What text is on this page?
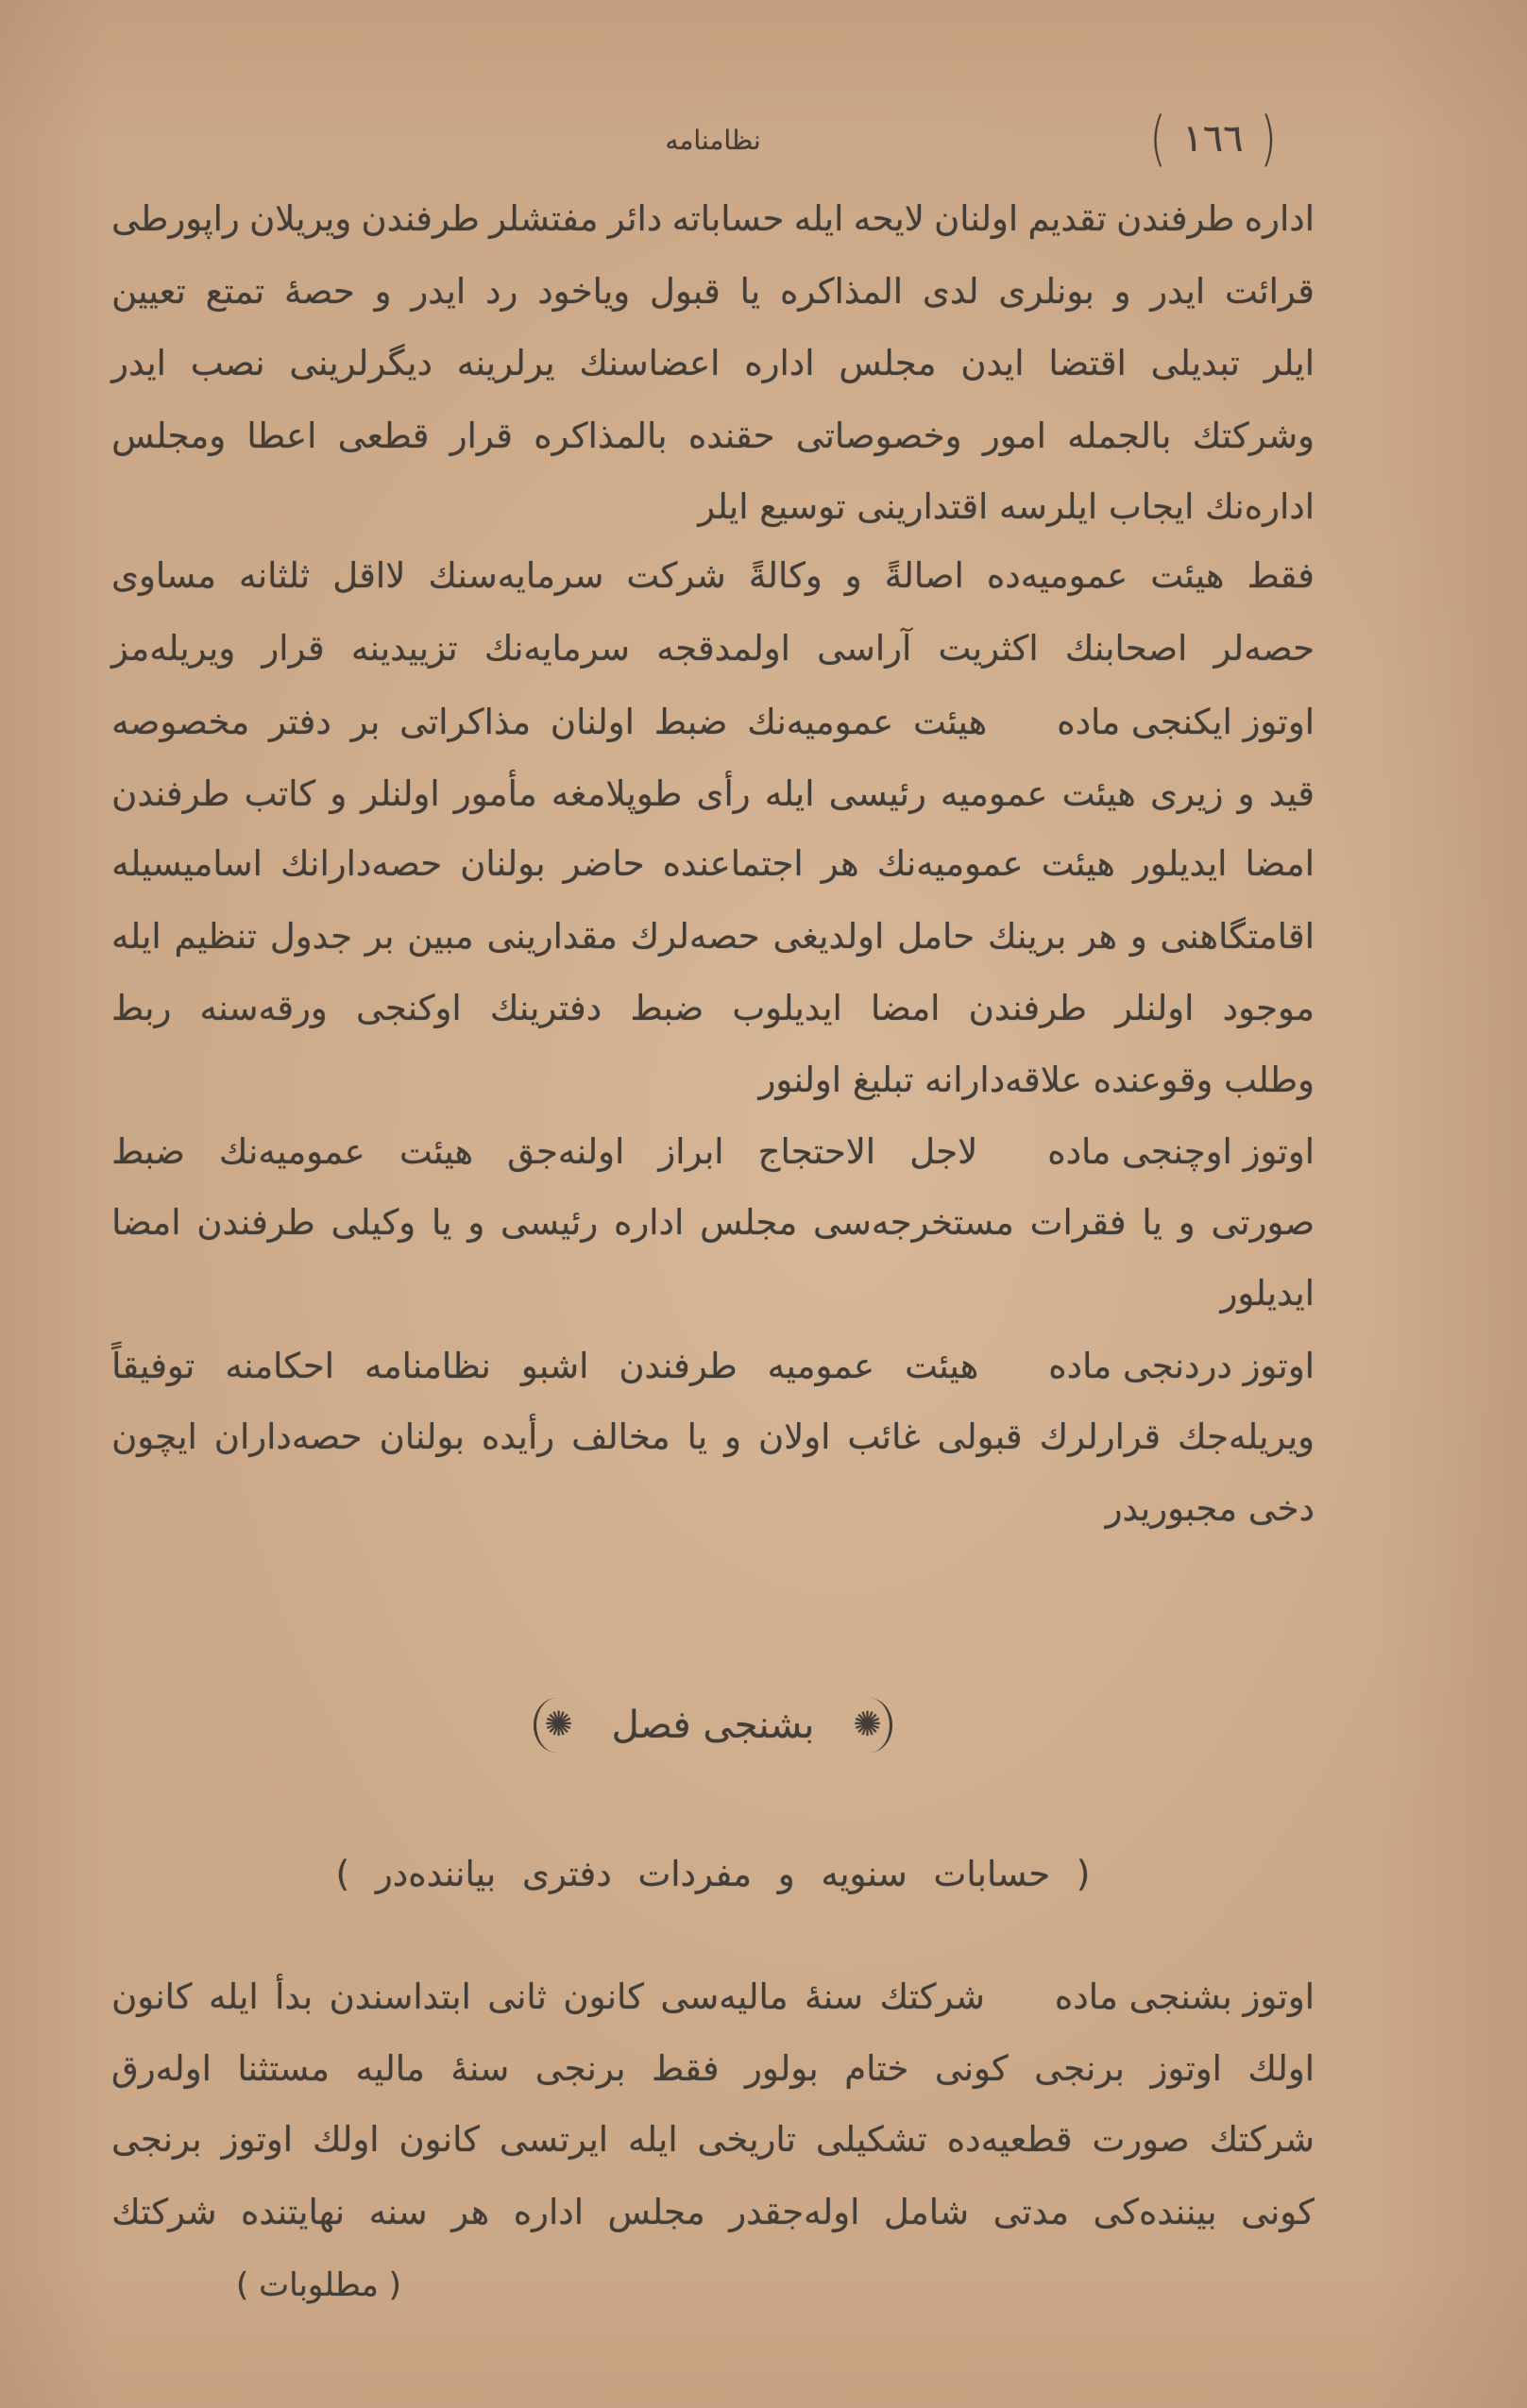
نظامنامه	( ١٦٦ )
اداره
طرفندن
تقدیم
اولنان
لایحه
ایله
حساباته
دائر
مفتشلر
طرفندن
ویریلان
راپورطی
قرائت
ایدر
و
بونلری
لدی
المذاکره
یا
قبول
ویاخود
رد
ایدر
و
حصهٔ
تمتع
تعیین
ایلر
تبدیلی
اقتضا
ایدن
مجلس
اداره
اعضاسنك
یرلرینه
دیگرلرینی
نصب
ایدر
وشرکتك
بالجمله
امور
وخصوصاتی
حقنده
بالمذاکره
قرار
قطعی
اعطا
ومجلس
اداره‌نك ایجاب ایلرسه اقتدارینی توسیع ایلر
فقط
هیئت
عمومیه‌ده
اصالةً
و
وکالةً
شرکت
سرمایه‌سنك
لااقل
ثلثانه
مساوی
حصه‌لر
اصحابنك
اکثریت
آراسی
اولمدقجه
سرمایه‌نك
تزییدینه
قرار
ویریله‌مز
اوتوز ایکنجی ماده
هیئت
عمومیه‌نك
ضبط
اولنان
مذاکراتی
بر
دفتر
مخصوصه
قید
و
زیری
هیئت
عمومیه
رئیسی
ایله
رأی
طوپلامغه
مأمور
اولنلر
و
کاتب
طرفندن
امضا
ایدیلور
هیئت
عمومیه‌نك
هر
اجتماعنده
حاضر
بولنان
حصه‌دارانك
اسامیسیله
اقامتگاهنی
و
هر
برینك
حامل
اولدیغی
حصه‌لرك
مقدارینی
مبین
بر
جدول
تنظیم
ایله
موجود
اولنلر
طرفندن
امضا
ایدیلوب
ضبط
دفترینك
اوکنجی
ورقه‌سنه
ربط
وطلب وقوعنده علاقه‌دارانه تبلیغ اولنور
اوتوز اوچنجی ماده
لاجل
الاحتجاج
ابراز
اولنه‌جق
هیئت
عمومیه‌نك
ضبط
صورتی
و
یا
فقرات
مستخرجه‌سی
مجلس
اداره
رئیسی
و
یا
وکیلی
طرفندن
امضا
ایدیلور
اوتوز دردنجی ماده
هیئت
عمومیه
طرفندن
اشبو
نظامنامه
احکامنه
توفیقاً
ویریله‌جك
قرارلرك
قبولی
غائب
اولان
و
یا
مخالف
رأیده
بولنان
حصه‌داران
ایچون
دخی مجبوریدر
✺
بشنجی فصل
✺
( حسابات سنویه و مفردات دفتری بیاننده‌در )
اوتوز بشنجی ماده
شرکتك
سنهٔ
مالیه‌سی
کانون
ثانی
ابتداسندن
بدأ
ایله
کانون
اولك
اوتوز
برنجی
کونی
ختام
بولور
فقط
برنجی
سنهٔ
مالیه
مستثنا
اوله‌رق
شرکتك
صورت
قطعیه‌ده
تشکیلی
تاریخی
ایله
ایرتسی
کانون
اولك
اوتوز
برنجی
کونی
بیننده‌کی
مدتی
شامل
اوله‌جقدر
مجلس
اداره
هر
سنه
نهایتنده
شرکتك
( مطلوبات )
